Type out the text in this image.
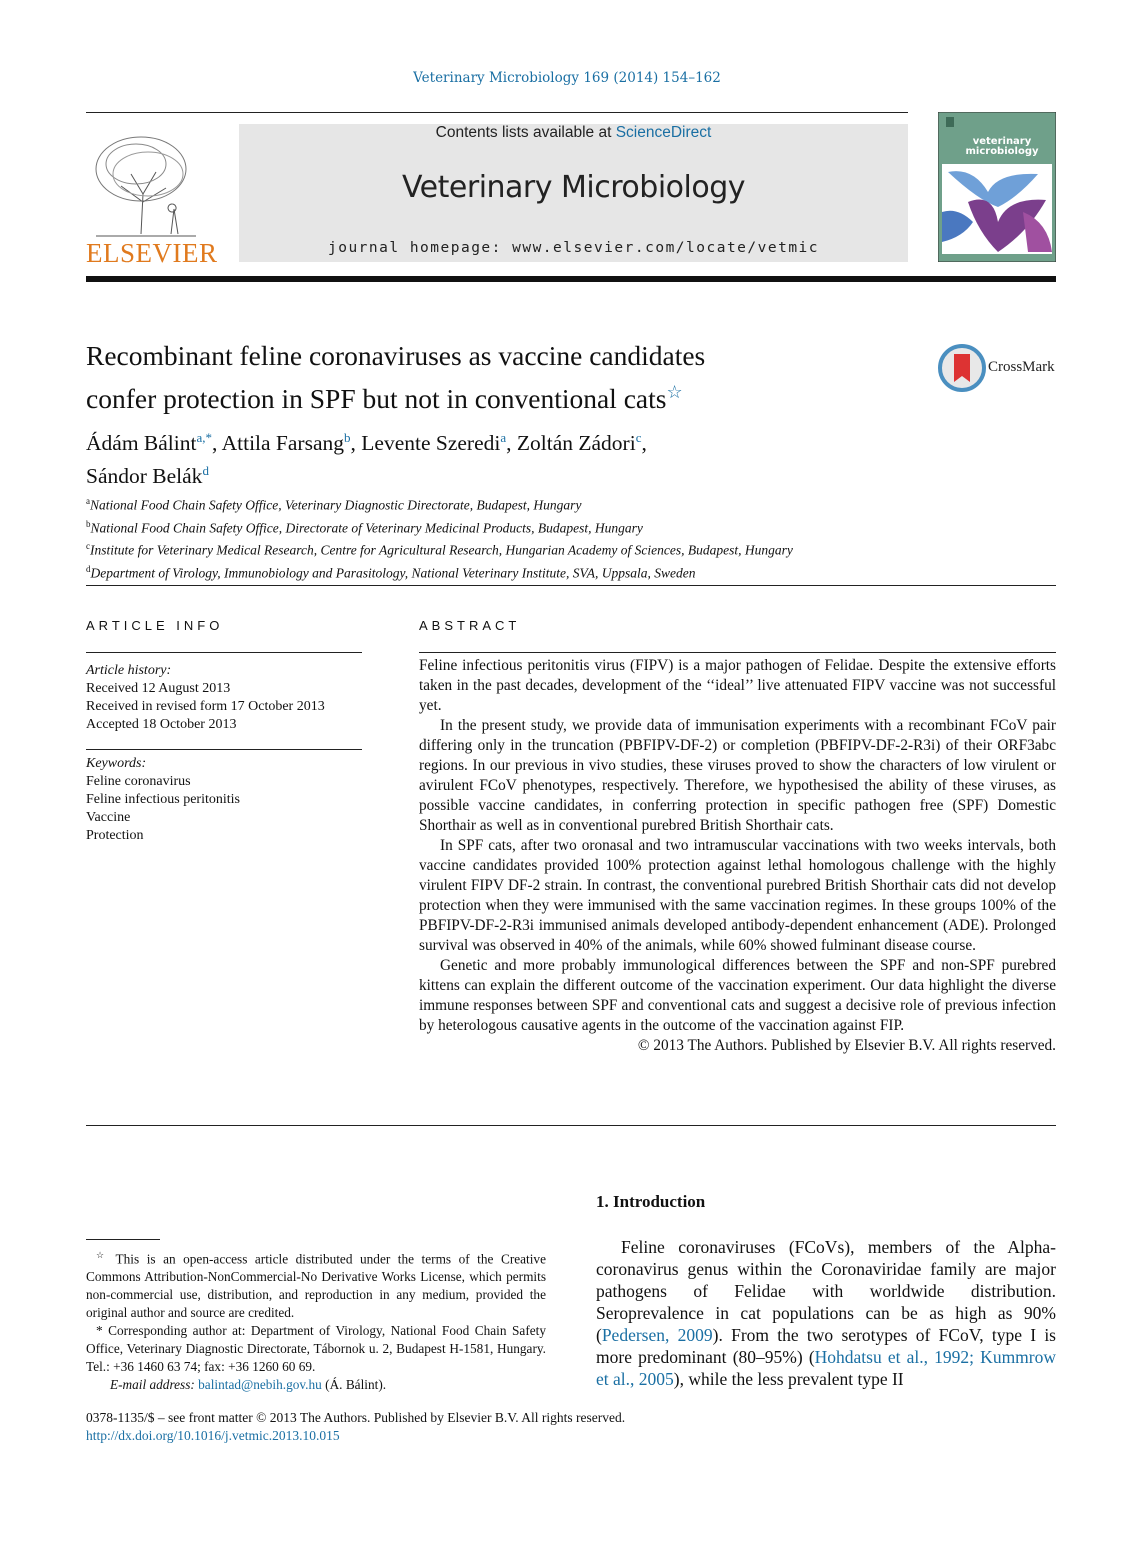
Veterinary Microbiology 169 (2014) 154–162
ELSEVIER
Contents lists available at ScienceDirect
Veterinary Microbiology
journal homepage: www.elsevier.com/locate/vetmic
veterinary
microbiology
Recombinant feline coronaviruses as vaccine candidates
confer protection in SPF but not in conventional cats☆
CrossMark
Ádám Bálint$^{a,*}$, Attila Farsang$^b$, Levente Szeredi$^a$, Zoltán Zádori$^c$,
Sándor Belák$^d$
$^a$National Food Chain Safety Office, Veterinary Diagnostic Directorate, Budapest, Hungary
$^b$National Food Chain Safety Office, Directorate of Veterinary Medicinal Products, Budapest, Hungary
$^c$Institute for Veterinary Medical Research, Centre for Agricultural Research, Hungarian Academy of Sciences, Budapest, Hungary
$^d$Department of Virology, Immunobiology and Parasitology, National Veterinary Institute, SVA, Uppsala, Sweden
ARTICLE INFO
Article history:
Received 12 August 2013
Received in revised form 17 October 2013
Accepted 18 October 2013
Keywords:
Feline coronavirus
Feline infectious peritonitis
Vaccine
Protection
ABSTRACT

Feline infectious peritonitis virus (FIPV) is a major pathogen of Felidae. Despite the extensive efforts taken in the past decades, development of the ‘‘ideal’’ live attenuated FIPV vaccine was not successful yet.

In the present study, we provide data of immunisation experiments with a recombinant FCoV pair differing only in the truncation (PBFIPV-DF-2) or completion (PBFIPV-DF-2-R3i) of their ORF3abc regions. In our previous in vivo studies, these viruses proved to show the characters of low virulent or avirulent FCoV phenotypes, respectively. Therefore, we hypothesised the ability of these viruses, as possible vaccine candidates, in conferring protection in specific pathogen free (SPF) Domestic Shorthair as well as in conventional purebred British Shorthair cats.

In SPF cats, after two oronasal and two intramuscular vaccinations with two weeks intervals, both vaccine candidates provided 100% protection against lethal homologous challenge with the highly virulent FIPV DF-2 strain. In contrast, the conventional purebred British Shorthair cats did not develop protection when they were immunised with the same vaccination regimes. In these groups 100% of the PBFIPV-DF-2-R3i immunised animals developed antibody-dependent enhancement (ADE). Prolonged survival was observed in 40% of the animals, while 60% showed fulminant disease course.

Genetic and more probably immunological differences between the SPF and non-SPF purebred kittens can explain the different outcome of the vaccination experiment. Our data highlight the diverse immune responses between SPF and conventional cats and suggest a decisive role of previous infection by heterologous causative agents in the outcome of the vaccination against FIP.

© 2013 The Authors. Published by Elsevier B.V. All rights reserved.
1. Introduction

Feline coronaviruses (FCoVs), members of the Alpha-coronavirus genus within the Coronaviridae family are major pathogens of Felidae with worldwide distribution. Seroprevalence in cat populations can be as high as 90% (Pedersen, 2009). From the two serotypes of FCoV, type I is more predominant (80–95%) (Hohdatsu et al., 1992; Kummrow et al., 2005), while the less prevalent type II

☆ This is an open-access article distributed under the terms of the Creative Commons Attribution-NonCommercial-No Derivative Works License, which permits non-commercial use, distribution, and reproduction in any medium, provided the original author and source are credited.

* Corresponding author at: Department of Virology, National Food Chain Safety Office, Veterinary Diagnostic Directorate, Tábornok u. 2, Budapest H-1581, Hungary. Tel.: +36 1460 63 74; fax: +36 1260 60 69.

E-mail address: balintad@nebih.gov.hu (Á. Bálint).

0378-1135/$ – see front matter © 2013 The Authors. Published by Elsevier B.V. All rights reserved.
http://dx.doi.org/10.1016/j.vetmic.2013.10.015
